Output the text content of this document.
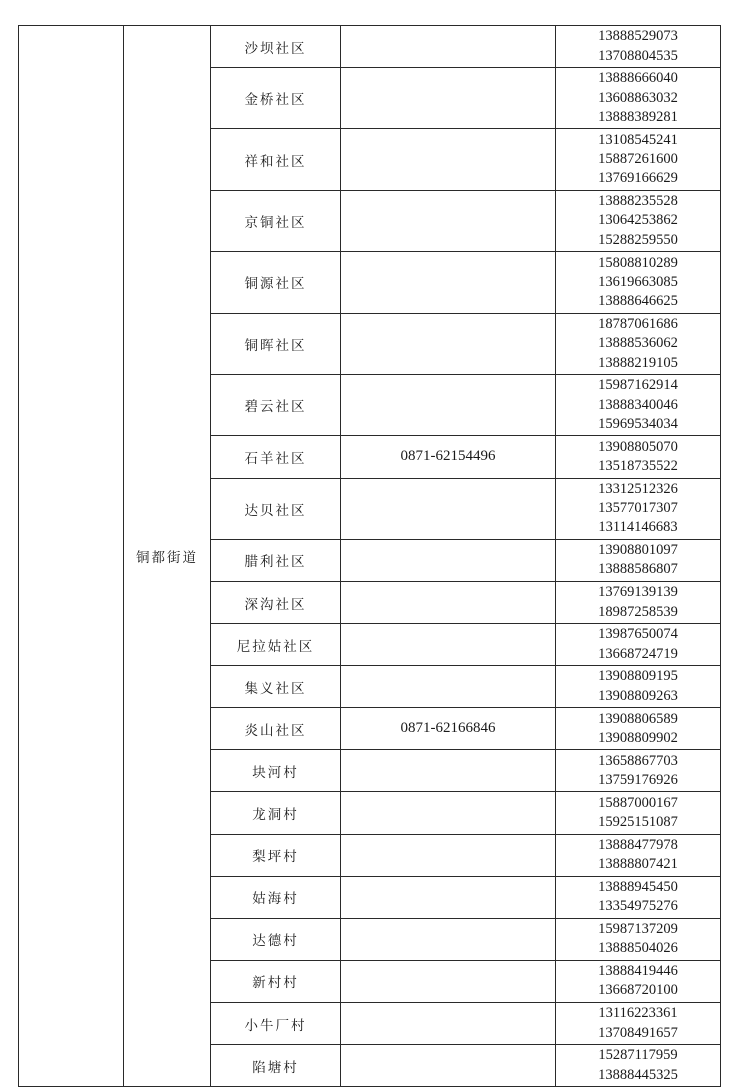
	铜都街道	沙坝社区		13888529073
13708804535

		金桥社区		13888666040
13608863032
13888389281

		祥和社区		13108545241
15887261600
13769166629

		京铜社区		13888235528
13064253862
15288259550

		铜源社区		15808810289
13619663085
13888646625

		铜晖社区		18787061686
13888536062
13888219105

		碧云社区		15987162914
13888340046
15969534034

		石羊社区	0871-62154496	13908805070
13518735522

		达贝社区		13312512326
13577017307
13114146683

		腊利社区		13908801097
13888586807

		深沟社区		13769139139
18987258539

		尼拉姑社区		13987650074
13668724719

		集义社区		13908809195
13908809263

		炎山社区	0871-62166846	13908806589
13908809902

		块河村		13658867703
13759176926

		龙洞村		15887000167
15925151087

		梨坪村		13888477978
13888807421

		姑海村		13888945450
13354975276

		达德村		15987137209
13888504026

		新村村		13888419446
13668720100

		小牛厂村		13116223361
13708491657

		陷塘村		15287117959
13888445325
